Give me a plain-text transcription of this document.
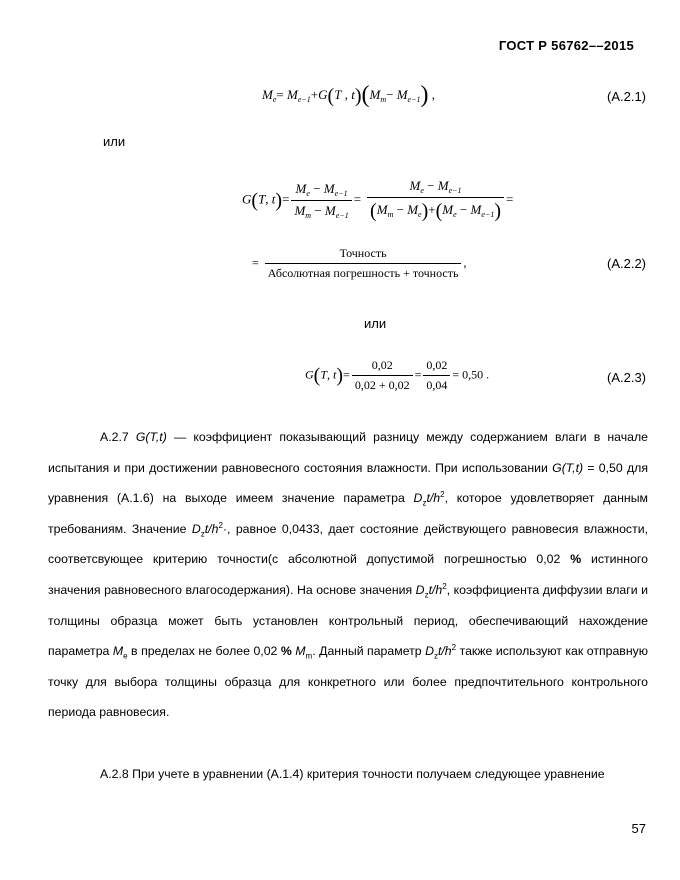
ГОСТ Р 56762––2015
$M_e= M_{e-1}+G(T$ , $t)(M_m- M_{e-1})$ ,	(А.2.1)
или
G(T, $t)= \frac{M_e - M_{e-1}}{M_m - M_{e-1}} = \frac{M_e - M_{e-1}}{(M_m - M_e)+(M_e - M_{e-1})}$ =
= $\frac{\text{Точность}}{\text{Абсолютная погрешность + точность}}$ ,	(А.2.2)
или
G(T, $t)= \frac{0,02}{0,02 + 0,02} = \frac{0,02}{0,04} = 0,50$ .	(А.2.3)
А.2.7 G(T,t) — коэффициент показывающий разницу между содержанием влаги в начале испытания и при достижении равновесного состояния влажности. При использовании G(T,t) = 0,50 для уравнения (А.1.6) на выходе имеем значение параметра $D_zt/h^2$, которое удовлетворяет данным требованиям. Значение $D_zt/h^2\cdot$, равное 0,0433, дает состояние действующего равновесия влажности, соответсвующее критерию точности(с абсолютной допустимой погрешностью 0,02 % истинного значения равновесного влагосодержания). На основе значения $D_zt/h^2$, коэффициента диффузии влаги и толщины образца может быть установлен контрольный период, обеспечивающий нахождение параметра $M_e$ в пределах не более 0,02 % $M_m$. Данный параметр $D_zt/h^2$ также используют как отправную точку для выбора толщины образца для конкретного или более предпочтительного контрольного периода равновесия.
А.2.8 При учете в уравнении (А.1.4) критерия точности получаем следующее уравнение
57
